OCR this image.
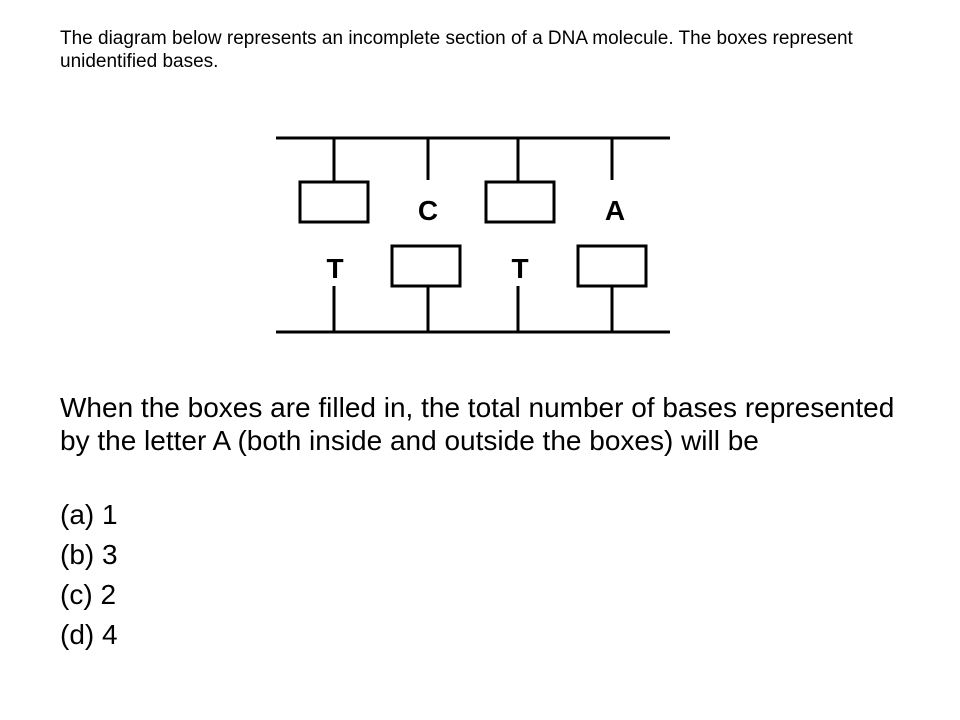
The diagram below represents an incomplete section of a DNA molecule. The boxes represent unidentified bases.
C	A
T	T
When the boxes are filled in, the total number of bases represented by the letter A (both inside and outside the boxes) will be
(a) 1
(b) 3
(c) 2
(d) 4
